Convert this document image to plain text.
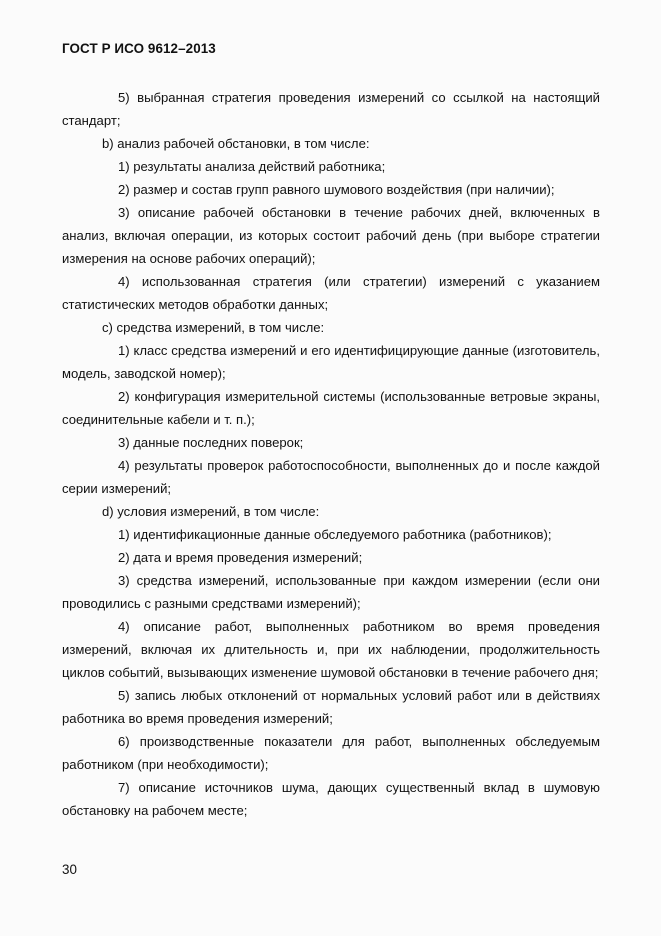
ГОСТ Р ИСО 9612–2013

5) выбранная стратегия проведения измерений со ссылкой на настоящий стандарт;

b) анализ рабочей обстановки, в том числе:

1) результаты анализа действий работника;

2) размер и состав групп равного шумового воздействия (при наличии);

3) описание рабочей обстановки в течение рабочих дней, включенных в анализ, включая операции, из которых состоит рабочий день (при выборе стратегии измерения на основе рабочих операций);

4) использованная стратегия (или стратегии) измерений с указанием статистических методов обработки данных;

c) средства измерений, в том числе:

1) класс средства измерений и его идентифицирующие данные (изготовитель, модель, заводской номер);

2) конфигурация измерительной системы (использованные ветровые экраны, соединительные кабели и т. п.);

3) данные последних поверок;

4) результаты проверок работоспособности, выполненных до и после каждой серии измерений;

d) условия измерений, в том числе:

1) идентификационные данные обследуемого работника (работников);

2) дата и время проведения измерений;

3) средства измерений, использованные при каждом измерении (если они проводились с разными средствами измерений);

4) описание работ, выполненных работником во время проведения измерений, включая их длительность и, при их наблюдении, продолжительность циклов событий, вызывающих изменение шумовой обстановки в течение рабочего дня;

5) запись любых отклонений от нормальных условий работ или в действиях работника во время проведения измерений;

6) производственные показатели для работ, выполненных обследуемым работником (при необходимости);

7) описание источников шума, дающих существенный вклад в шумовую обстановку на рабочем месте;

30
